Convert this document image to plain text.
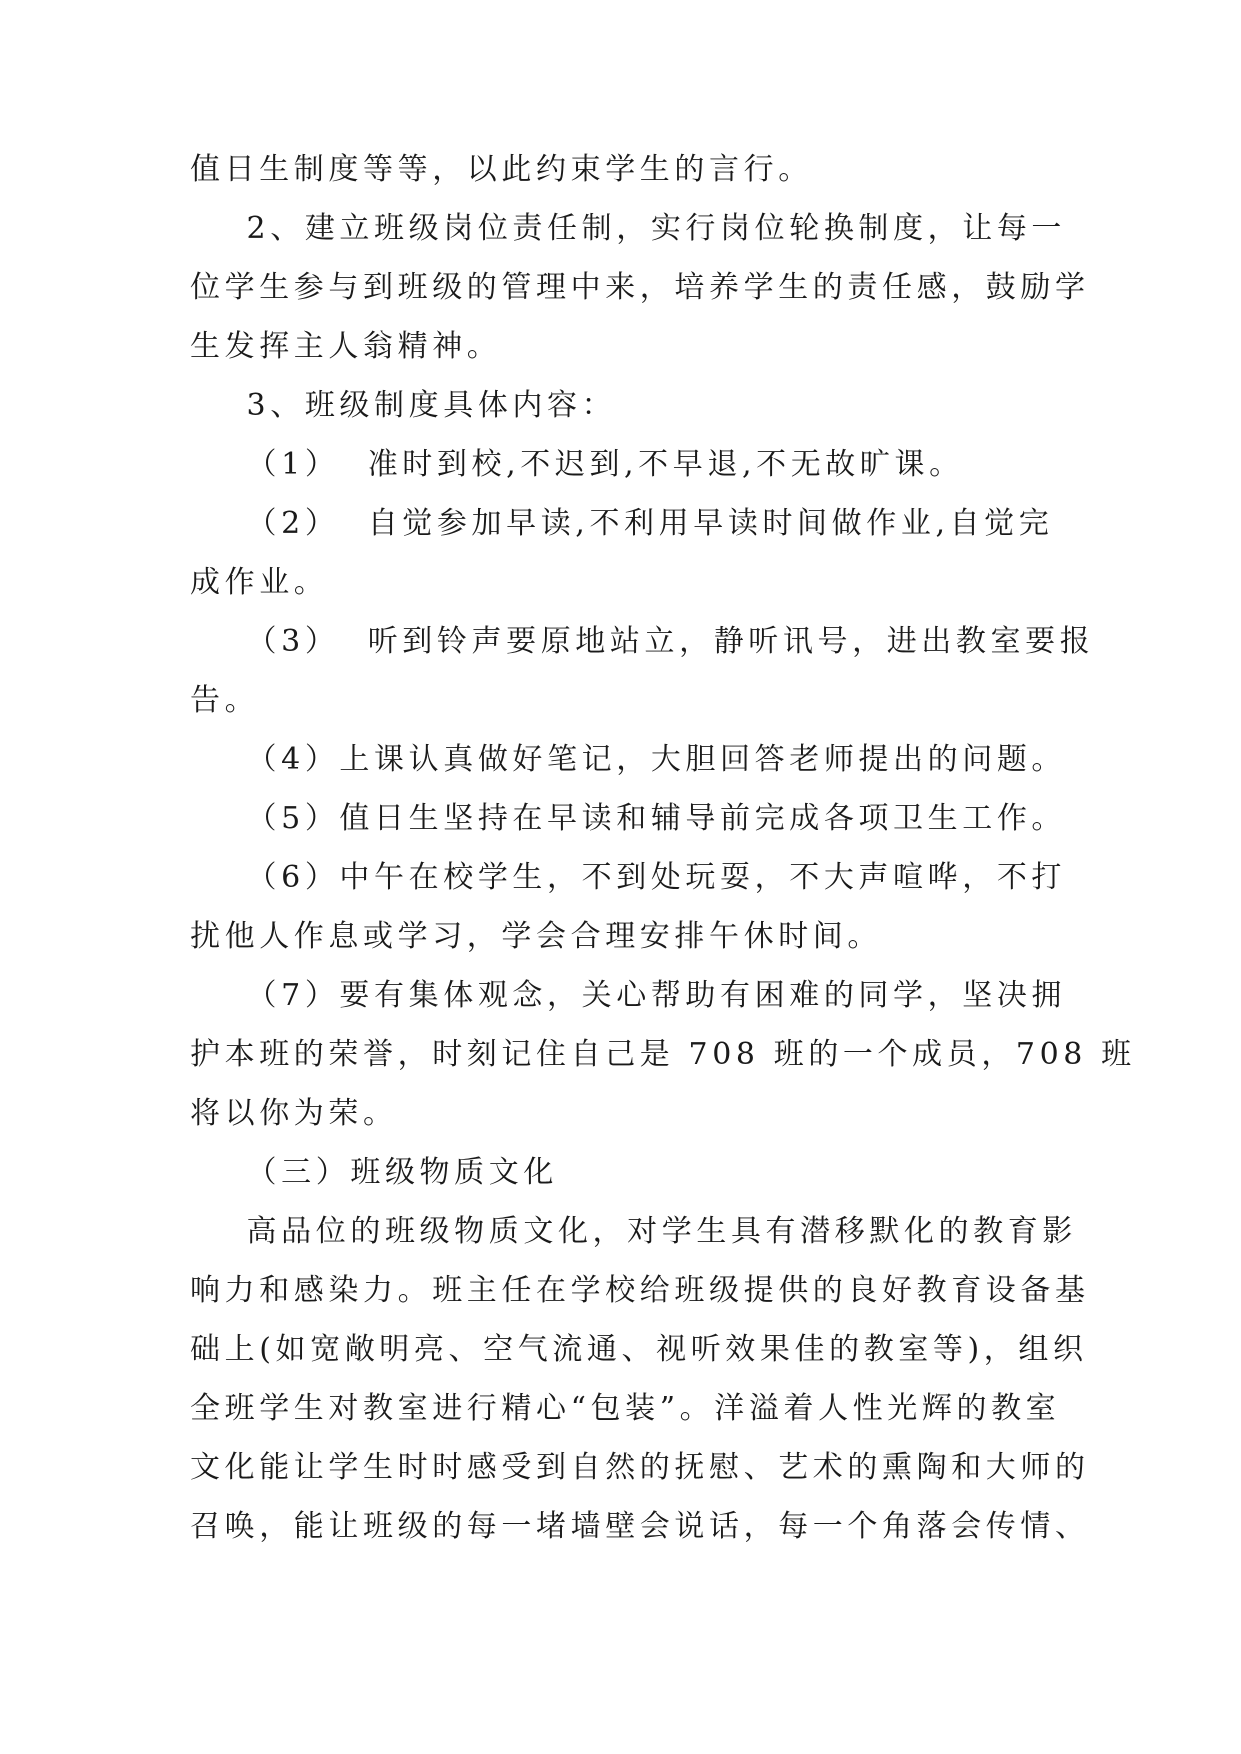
值日生制度等等，以此约束学生的言行。
2、建立班级岗位责任制，实行岗位轮换制度，让每一
位学生参与到班级的管理中来，培养学生的责任感，鼓励学
生发挥主人翁精神。
3、班级制度具体内容：
（1）  准时到校,不迟到,不早退,不无故旷课。
（2）  自觉参加早读,不利用早读时间做作业,自觉完
成作业。
（3）  听到铃声要原地站立，静听讯号，进出教室要报
告。
（4）上课认真做好笔记，大胆回答老师提出的问题。
（5）值日生坚持在早读和辅导前完成各项卫生工作。
（6）中午在校学生，不到处玩耍，不大声喧哗，不打
扰他人作息或学习，学会合理安排午休时间。
（7）要有集体观念，关心帮助有困难的同学，坚决拥
护本班的荣誉，时刻记住自己是 708 班的一个成员，708 班
将以你为荣。
（三）班级物质文化
高品位的班级物质文化，对学生具有潜移默化的教育影
响力和感染力。班主任在学校给班级提供的良好教育设备基
础上(如宽敞明亮、空气流通、视听效果佳的教室等)，组织
全班学生对教室进行精心“包装”。洋溢着人性光辉的教室
文化能让学生时时感受到自然的抚慰、艺术的熏陶和大师的
召唤，能让班级的每一堵墙壁会说话，每一个角落会传情、
